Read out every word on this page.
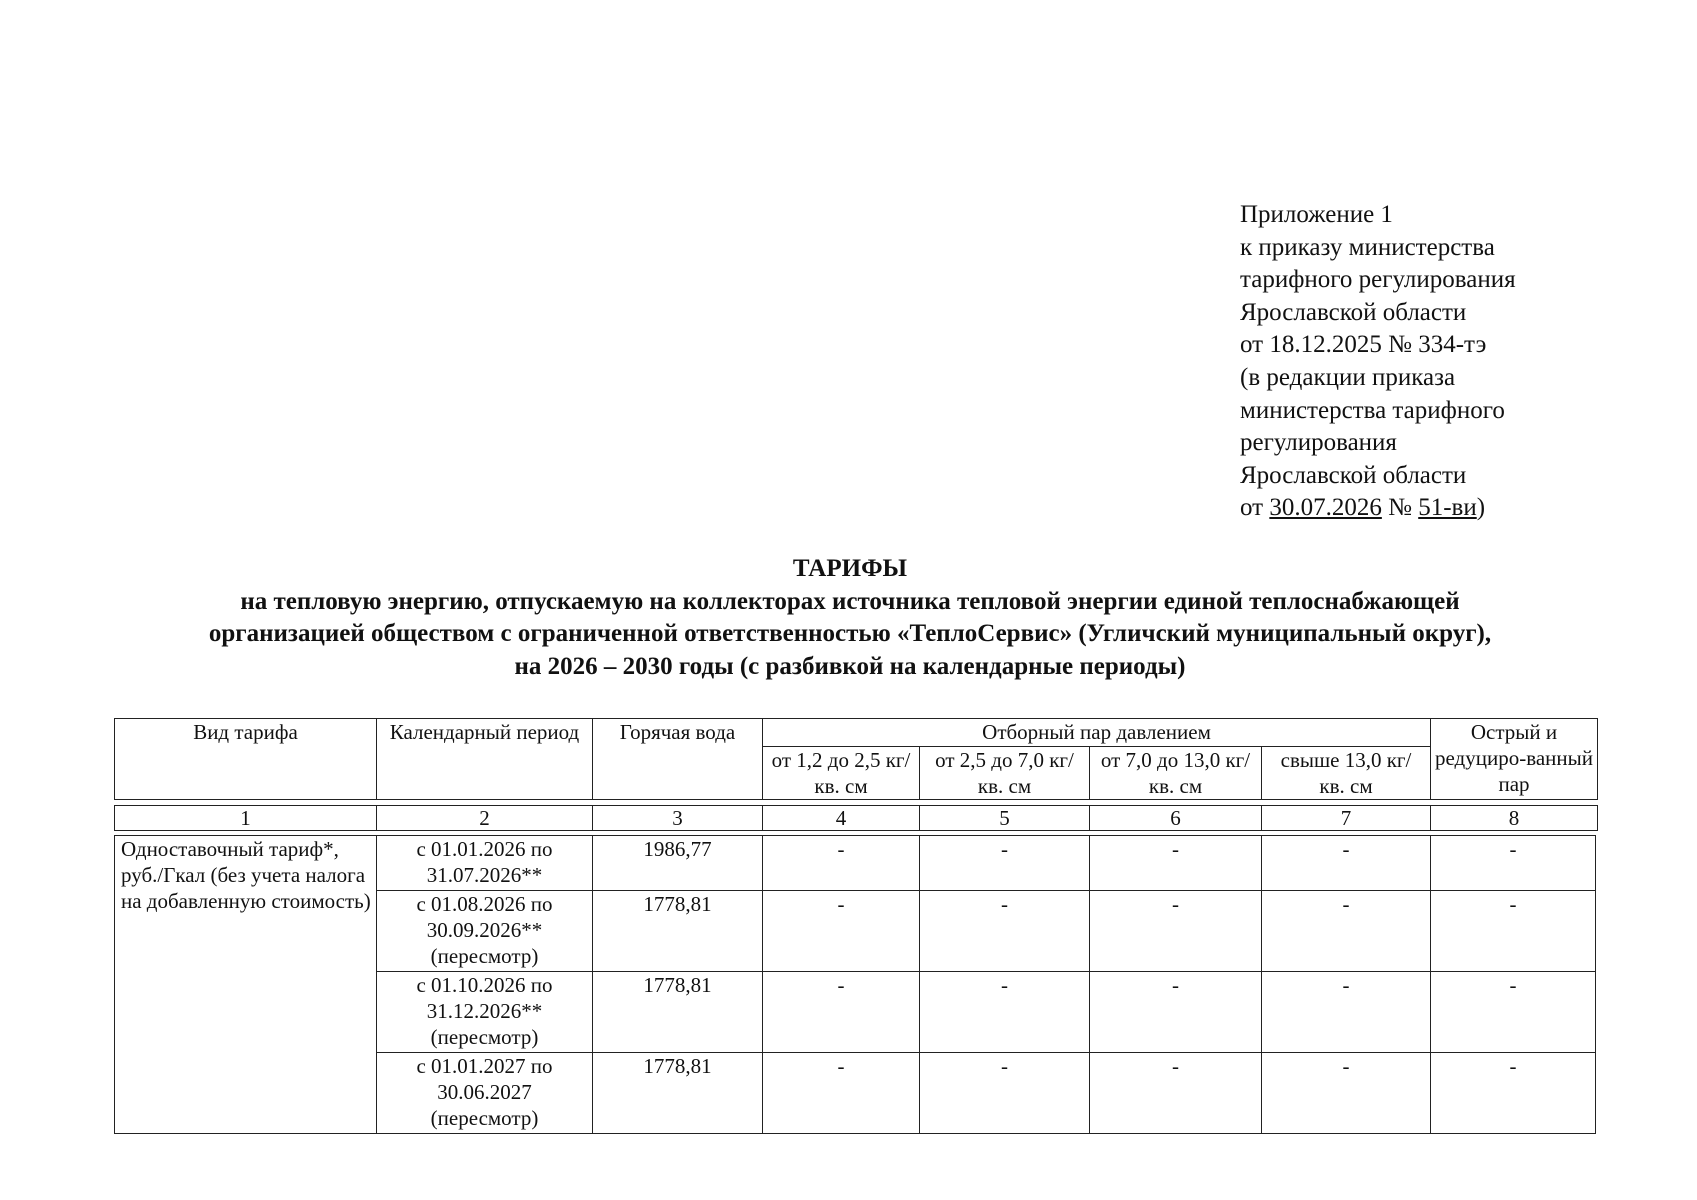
Приложение 1
к приказу министерства
тарифного регулирования
Ярославской области
от 18.12.2025 № 334-тэ
(в редакции приказа
министерства тарифного
регулирования
Ярославской области
от 30.07.2026 № 51-ви)
ТАРИФЫ
на тепловую энергию, отпускаемую на коллекторах источника тепловой энергии единой теплоснабжающей
организацией обществом с ограниченной ответственностью «ТеплоСервис» (Угличский муниципальный округ),
на 2026 – 2030 годы (с разбивкой на календарные периоды)
Вид тарифа	Календарный период	Горячая вода	Отборный пар давлением				Острый и редуциро-ванный пар
			от 1,2 до 2,5 кг/ кв. см	от 2,5 до 7,0 кг/ кв. см	от 7,0 до 13,0 кг/ кв. см	свыше 13,0 кг/ кв. см	
1	2	3	4	5	6	7	8
Одноставочный тариф*, руб./Гкал (без учета налога на добавленную стоимость)	с 01.01.2026 по 31.07.2026**	1986,77	-	-	-	-	-
	с 01.08.2026 по 30.09.2026** (пересмотр)	1778,81	-	-	-	-	-
	с 01.10.2026 по 31.12.2026** (пересмотр)	1778,81	-	-	-	-	-
	с 01.01.2027 по 30.06.2027 (пересмотр)	1778,81	-	-	-	-	-
